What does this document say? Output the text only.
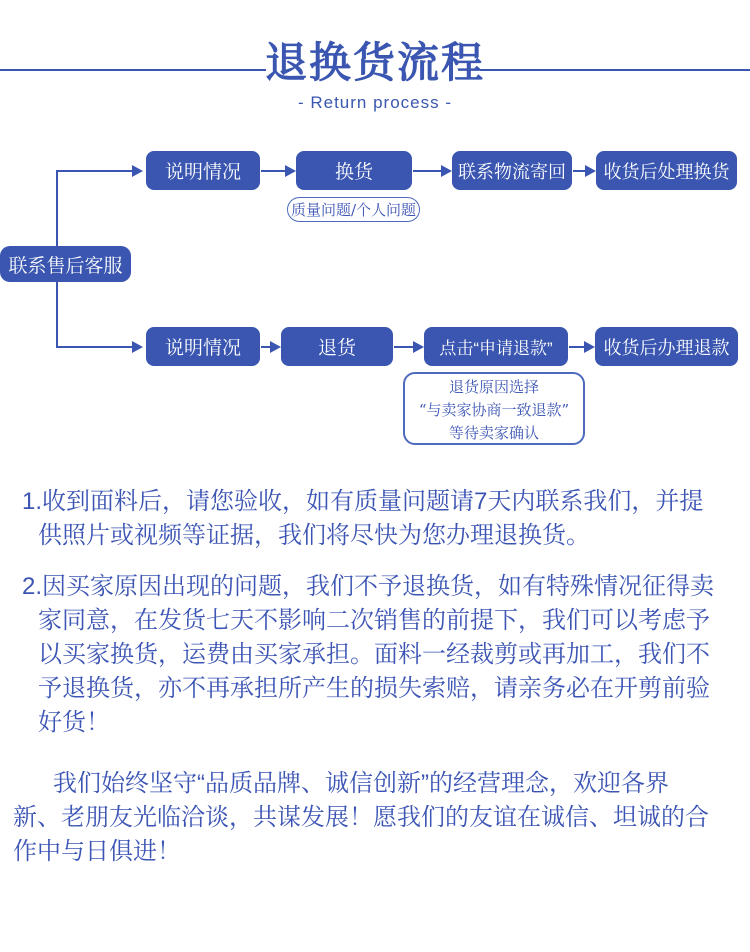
退换货流程
- Return process -
联系售后客服
说明情况	换货	联系物流寄回	收货后处理换货
质量问题/个人问题
说明情况	退货	点击“申请退款”	收货后办理退款
退货原因选择
“与卖家协商一致退款”
等待卖家确认
1.收到面料后，请您验收，如有质量问题请7天内联系我们，并提
供照片或视频等证据，我们将尽快为您办理退换货。
2.因买家原因出现的问题，我们不予退换货，如有特殊情况征得卖
家同意，在发货七天不影响二次销售的前提下，我们可以考虑予
以买家换货，运费由买家承担。面料一经裁剪或再加工，我们不
予退换货，亦不再承担所产生的损失索赔，请亲务必在开剪前验
好货！
我们始终坚守“品质品牌、诚信创新”的经营理念，欢迎各界
新、老朋友光临洽谈，共谋发展！愿我们的友谊在诚信、坦诚的合
作中与日俱进！
